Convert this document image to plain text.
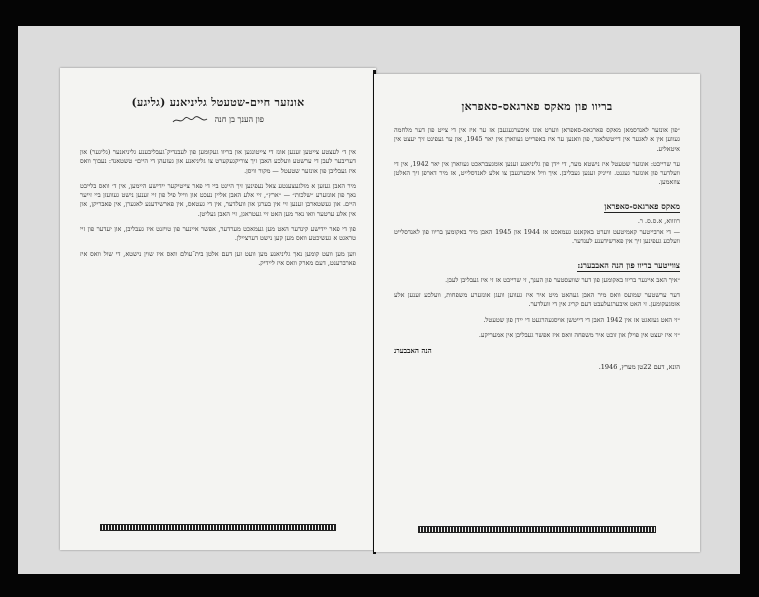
אונזער חיים-שטעטל גליניאנע (גליגע)

פון הענך בן חנה

אין ד׳ לעצטע צייטען זענען אונז די צייטונגען און בריוו געקומען פון לעבנדיק־געבליבענע גליניאנער (גליגער) און דעריבער לעבן די ערשטע וועלכע האבן זיך צוריקגעקערט צו גליניאנע און געזעהן די היים״ טשטאנד: נעבוך וואס איז געבליבן פון אונזער שטעטל — מקור וויסן.

מיר האבן געזען א מולגעצענטע צאל נעפינען זיך היינט ביי די פאר צייטיקער יידישע היימען, אין ד׳ וואס בלייבט נאך פון אונזערע ״שלכות״ — ״ארץ״, זיי אלע האבן אליין נעכט און ווייל פיל פון זיי זענען נישט געוועזן ביי זייער היים. און געשטארבן זענען זיי אין בערגן און וועלדער, אין די געטאס, אין פארשידענע לאגערן, אין פאבריקן, און אין אלע ערטער וואו נאר מען האט זיי געטראגן, זיי האבן געליטן.

פון די פאר יידישע קינדער האט מען געמאכט מערדער, אפשר איינער פון טויזנט איז געבליבן, און יעדער פון זיי טראגט א געשיכטע וואס מען קען נישט דערציילן.

ווען מען וועט קומען נאך גליניאנע מען וועט זען דעם אלטן בית־עולם וואס איז שוין נישטא, די שול וואס איז פארברענט, דעם מארק וואס איז ליידיק.

בריוו פון מאקס פארגאס-סאפראן

״פון אונזער לאנדסמאן מאקס פארגאס-סאפראן ווערט אונז איבערגעגעבן אז ער איז אין די צייט פון דער מלחמה געווען אין א לאגער אין דייטשלאנד, פון וואנען ער איז באפרייט געווארן אין יאר 1945, און ער געפינט זיך יעצט אין איטאליע.

ער שרייבט: אונזער שטעטל איז נישטא מער, די יידן פון גליניאנע זענען אומגעבראכט געווארן אין יאר 1942, אין די וועלדער פון אונזער געגנט. ווייניק זענען געבליבן. איך וויל איבערגעבן צו אלע לאנדסלייט, אז מיר דארפן זיך האלטן צוזאמען.

מאקס פארגאס-סאפראן

רוזווא, א.ס.ס. ר.

— די ארבייטער קאמיטעט ווערט באקאנט געמאכט אז 1944 און 1945 האבן מיר באקומען בריוו פון לאנדסלייט וועלכע געפינען זיך אין פארשידענע לענדער.

צווייטער בריוו פון הנה האבבערנ:

״איך האב איינער בריוו באקומען פון דער שוועסטער פון הענך, זי שרייבט אז זי איז געבליבן לעבן.

דער ערשטער שמועס וואס מיר האבן געהאט מיט איר איז געווען וועגן אונזערע משפחות, וועלכע זענען אלע אומגעקומען. זי האט איבערגעלעבט דעם קריג אין די וועלדער.

״זי האט געזאגט אז אין 1942 האבן די דייטשן אויסגעהרגעט די יידן פון שטעטל.

״זי איז יעצט אין פוילן און זוכט איר משפחה וואס איז אפשר געבליבן אין אמעריקע.

הנה האבבערנ
הונא, דעם 22טן מערץ, 1946.
